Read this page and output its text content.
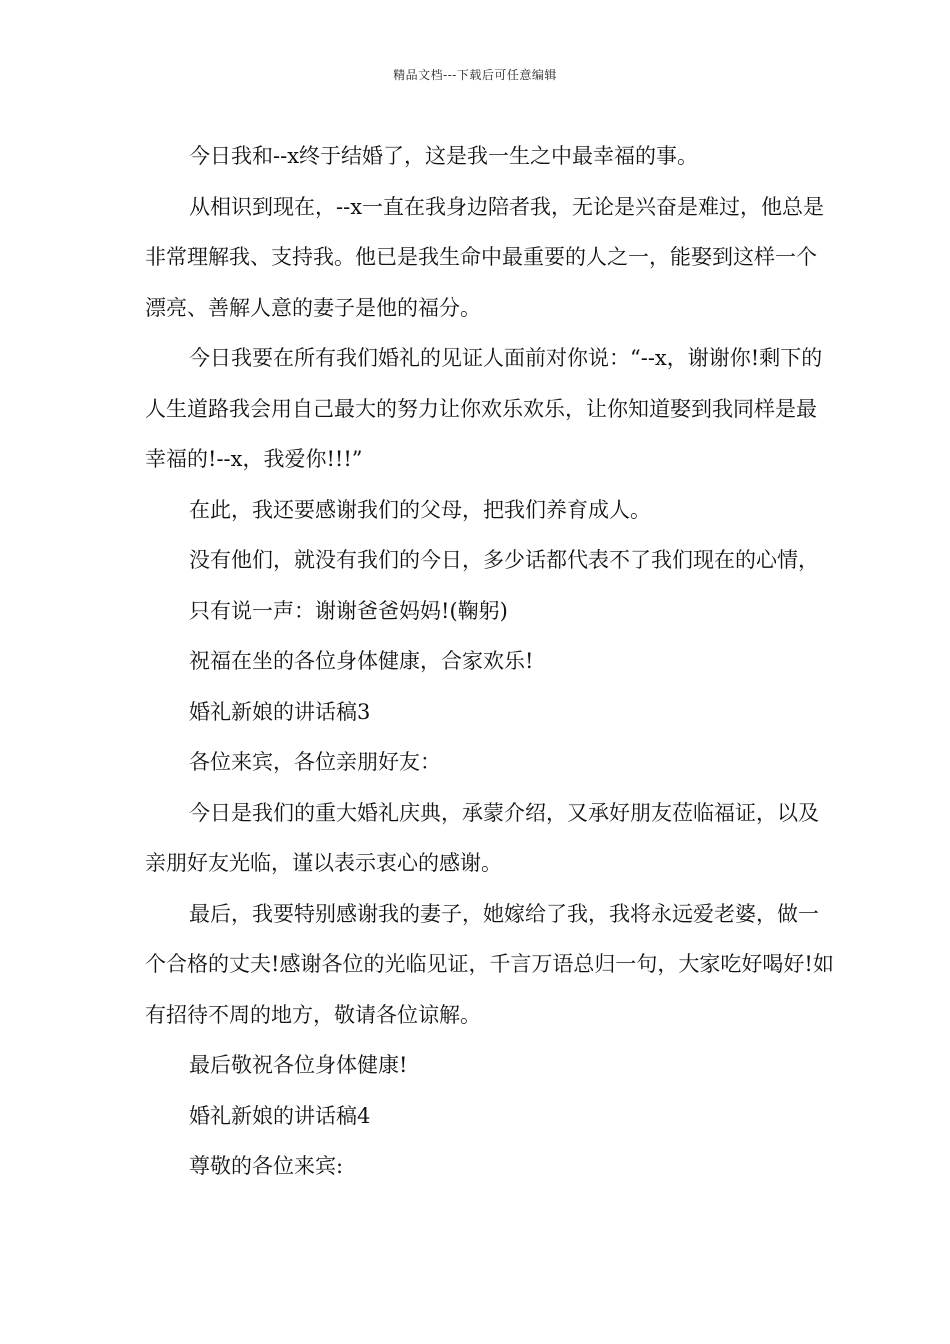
精品文档---下载后可任意编辑

今日我和--x终于结婚了，这是我一生之中最幸福的事。

从相识到现在，--x一直在我身边陪者我，无论是兴奋是难过，他总是非常理解我、支持我。他已是我生命中最重要的人之一，能娶到这样一个漂亮、善解人意的妻子是他的福分。

今日我要在所有我们婚礼的见证人面前对你说：“--x，谢谢你!剩下的人生道路我会用自己最大的努力让你欢乐欢乐，让你知道娶到我同样是最幸福的!--x，我爱你!!!”

在此，我还要感谢我们的父母，把我们养育成人。

没有他们，就没有我们的今日，多少话都代表不了我们现在的心情，

只有说一声：谢谢爸爸妈妈!(鞠躬)

祝福在坐的各位身体健康，合家欢乐!

婚礼新娘的讲话稿3

各位来宾，各位亲朋好友：

今日是我们的重大婚礼庆典，承蒙介绍，又承好朋友莅临福证，以及亲朋好友光临，谨以表示衷心的感谢。

最后，我要特别感谢我的妻子，她嫁给了我，我将永远爱老婆，做一个合格的丈夫!感谢各位的光临见证，千言万语总归一句，大家吃好喝好!如有招待不周的地方，敬请各位谅解。

最后敬祝各位身体健康!

婚礼新娘的讲话稿4

尊敬的各位来宾:
